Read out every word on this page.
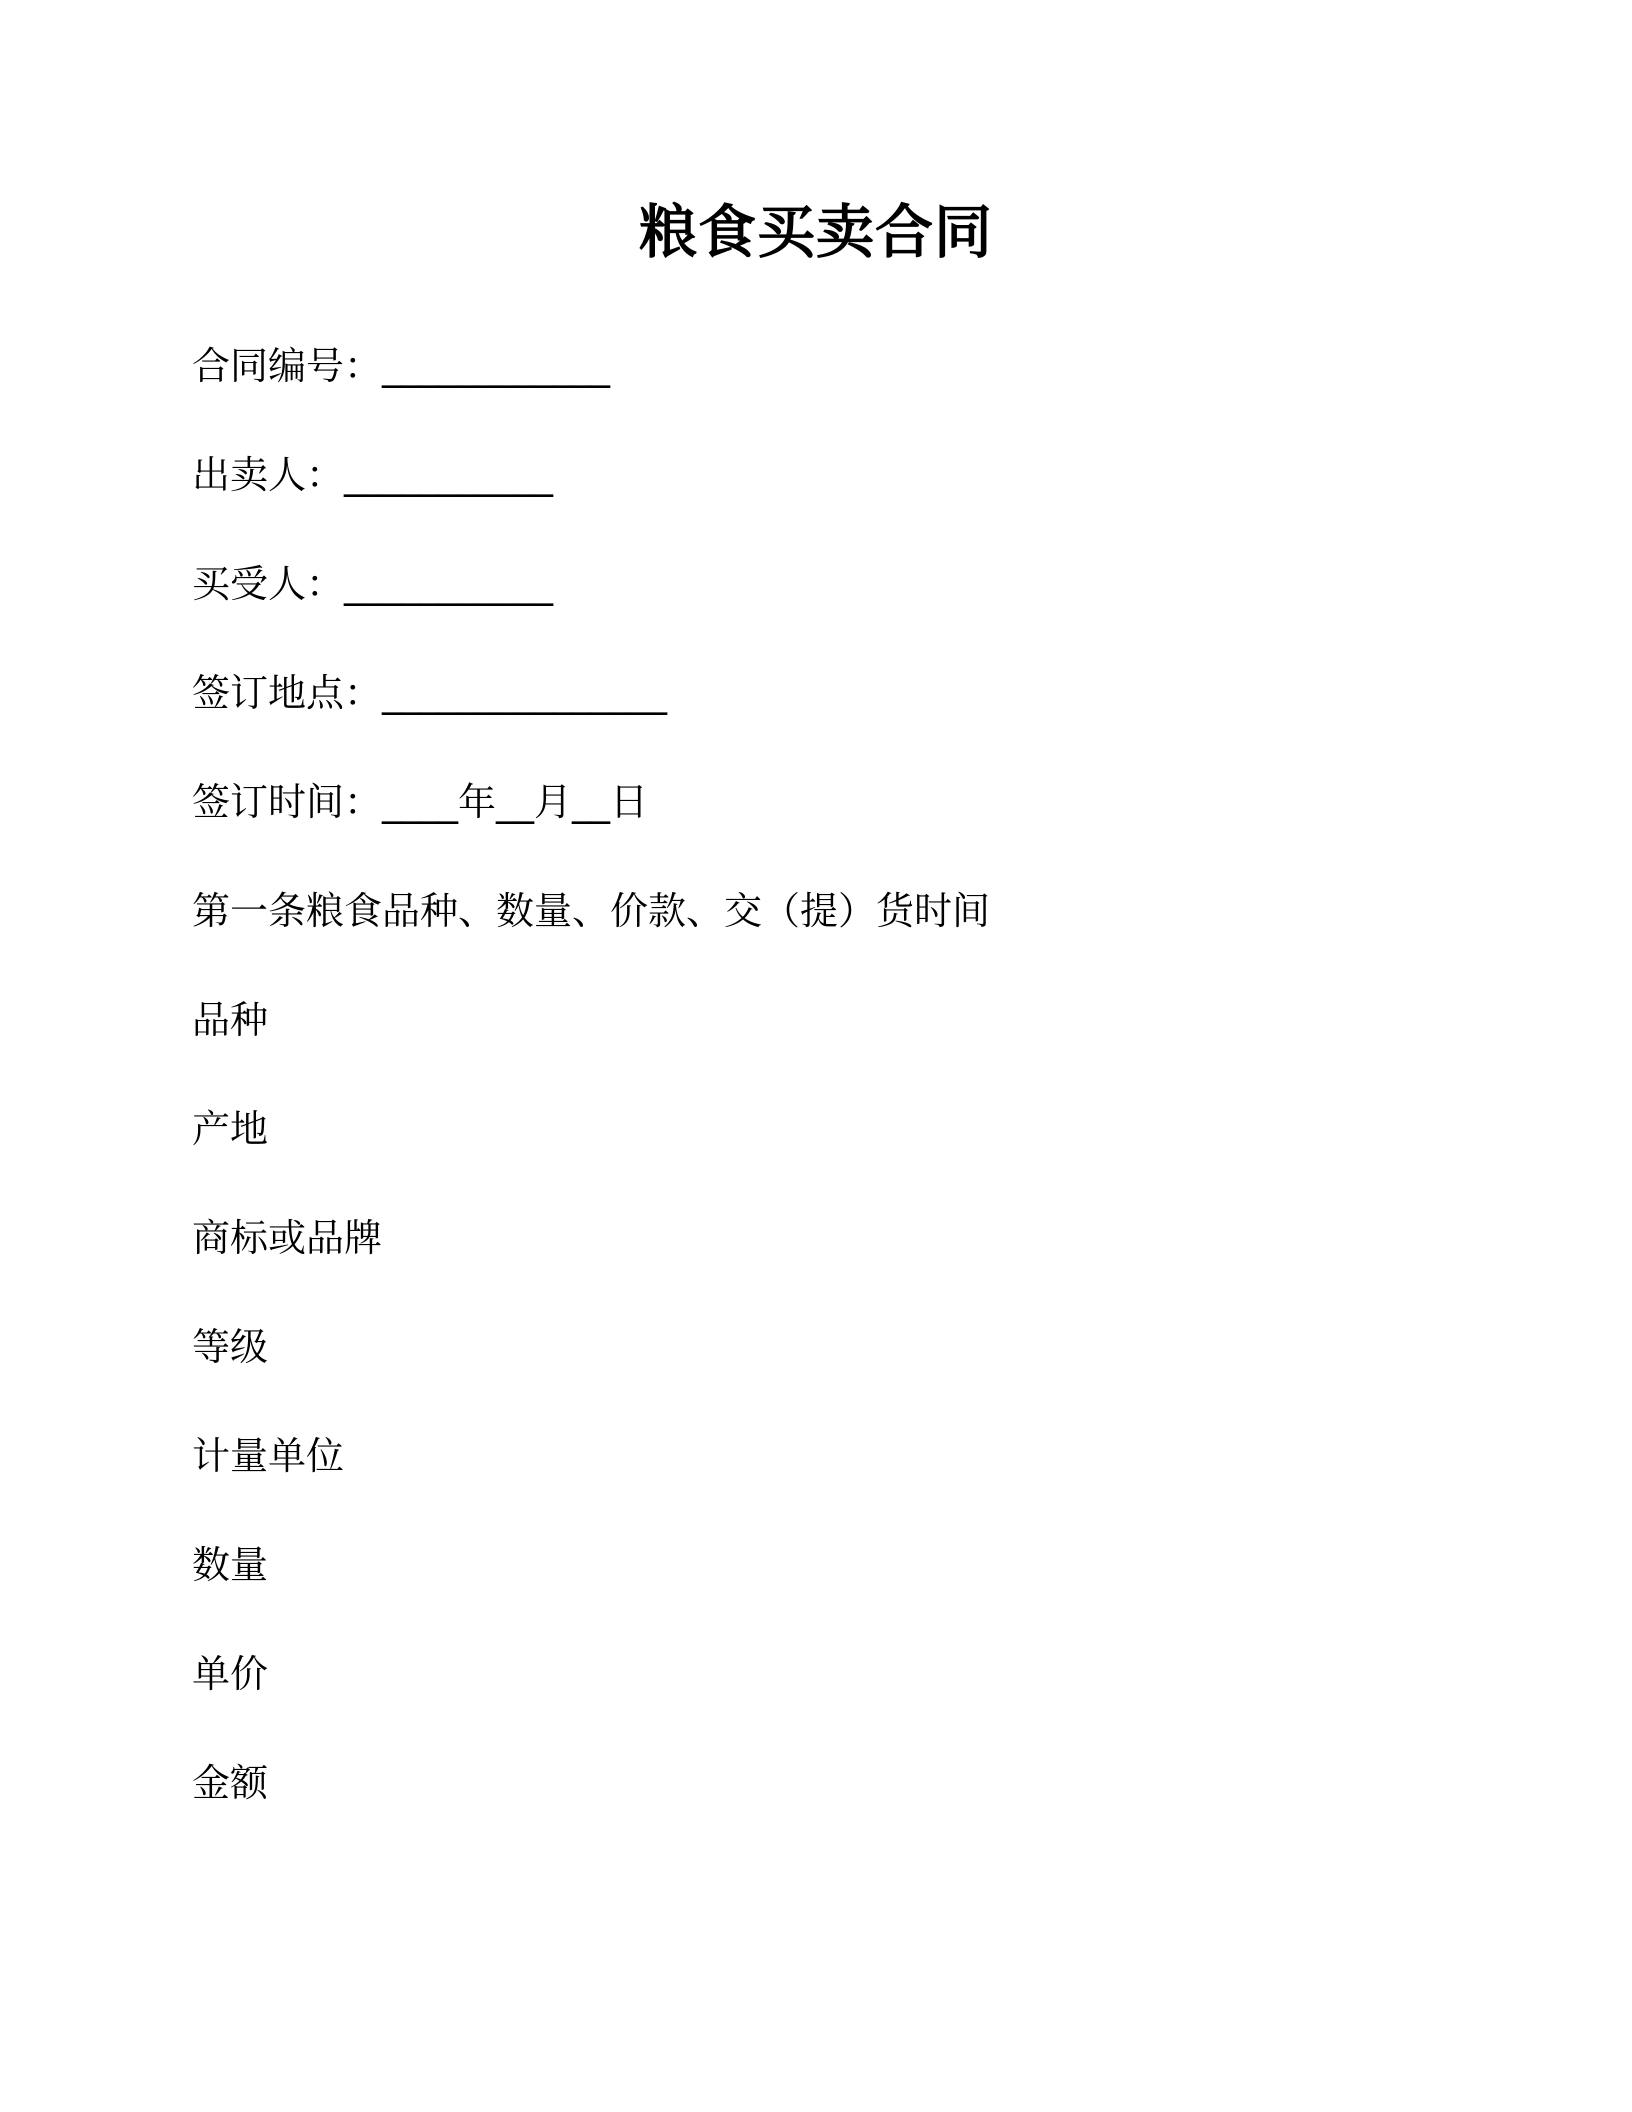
粮食买卖合同
合同编号：____________
出卖人：___________
买受人：___________
签订地点：_______________
签订时间：____年__月__日
第一条粮食品种、数量、价款、交（提）货时间
品种
产地
商标或品牌
等级
计量单位
数量
单价
金额
